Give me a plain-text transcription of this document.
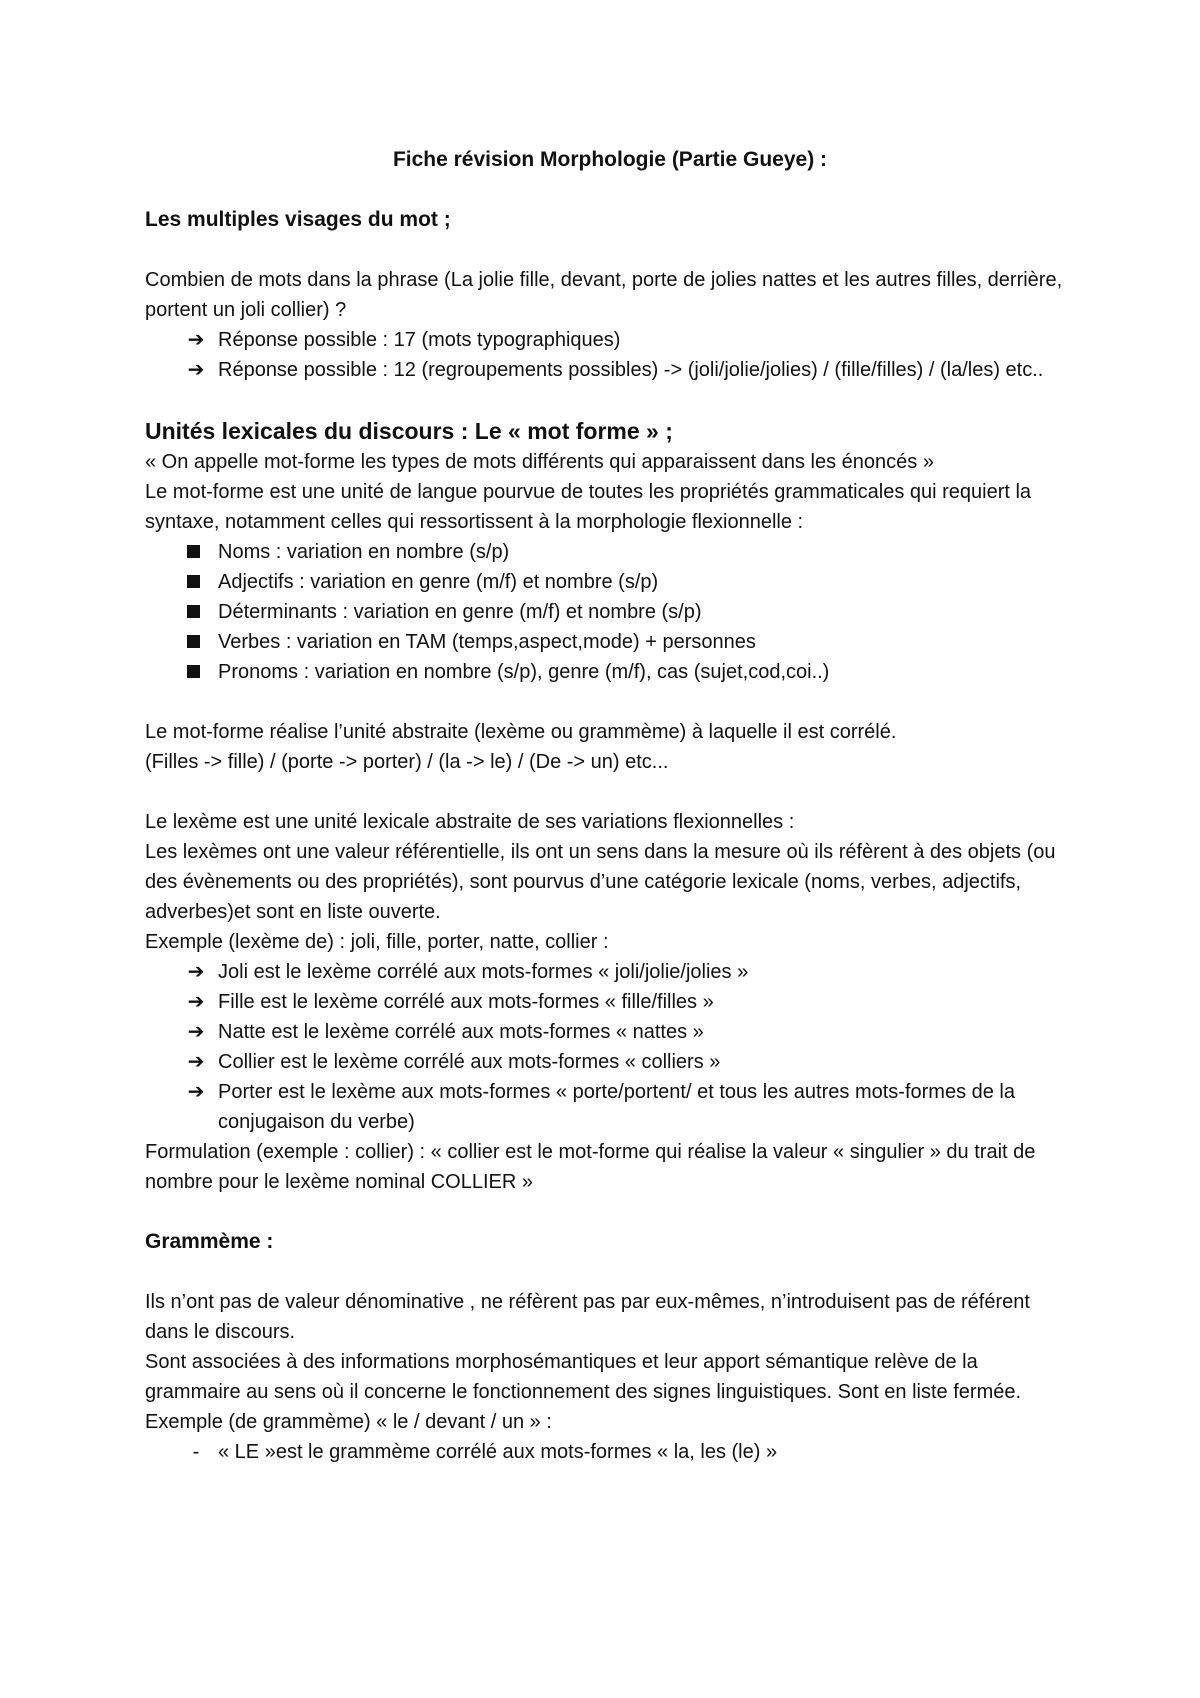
Fiche révision Morphologie (Partie Gueye) :

Les multiples visages du mot ;

Combien de mots dans la phrase (La jolie fille, devant, porte de jolies nattes et les autres filles, derrière, portent un joli collier) ?

➔ Réponse possible : 17 (mots typographiques)
➔ Réponse possible : 12 (regroupements possibles) -> (joli/jolie/jolies) / (fille/filles) / (la/les) etc..

Unités lexicales du discours : Le « mot forme » ;

« On appelle mot-forme les types de mots différents qui apparaissent dans les énoncés »

Le mot-forme est une unité de langue pourvue de toutes les propriétés grammaticales qui requiert la syntaxe, notamment celles qui ressortissent à la morphologie flexionnelle :

Noms : variation en nombre (s/p)
Adjectifs : variation en genre (m/f) et nombre (s/p)
Déterminants : variation en genre (m/f) et nombre (s/p)
Verbes : variation en TAM (temps,aspect,mode) + personnes
Pronoms : variation en nombre (s/p), genre (m/f), cas (sujet,cod,coi..)

Le mot-forme réalise l’unité abstraite (lexème ou grammème) à laquelle il est corrélé.

(Filles -> fille) / (porte -> porter) / (la -> le) / (De -> un) etc...

Le lexème est une unité lexicale abstraite de ses variations flexionnelles :

Les lexèmes ont une valeur référentielle, ils ont un sens dans la mesure où ils réfèrent à des objets (ou des évènements ou des propriétés), sont pourvus d’une catégorie lexicale (noms, verbes, adjectifs, adverbes)et sont en liste ouverte.

Exemple (lexème de) : joli, fille, porter, natte, collier :

➔ Joli est le lexème corrélé aux mots-formes « joli/jolie/jolies »
➔ Fille est le lexème corrélé aux mots-formes « fille/filles »
➔ Natte est le lexème corrélé aux mots-formes « nattes »
➔ Collier est le lexème corrélé aux mots-formes « colliers »
➔ Porter est le lexème aux mots-formes « porte/portent/ et tous les autres mots-formes de la conjugaison du verbe)

Formulation (exemple : collier) : « collier est le mot-forme qui réalise la valeur « singulier » du trait de nombre pour le lexème nominal COLLIER »

Grammème :

Ils n’ont pas de valeur dénominative , ne réfèrent pas par eux-mêmes, n’introduisent pas de référent dans le discours.

Sont associées à des informations morphosémantiques et leur apport sémantique relève de la grammaire au sens où il concerne le fonctionnement des signes linguistiques. Sont en liste fermée.

Exemple (de grammème) « le / devant / un » :

- « LE »est le grammème corrélé aux mots-formes « la, les (le) »
